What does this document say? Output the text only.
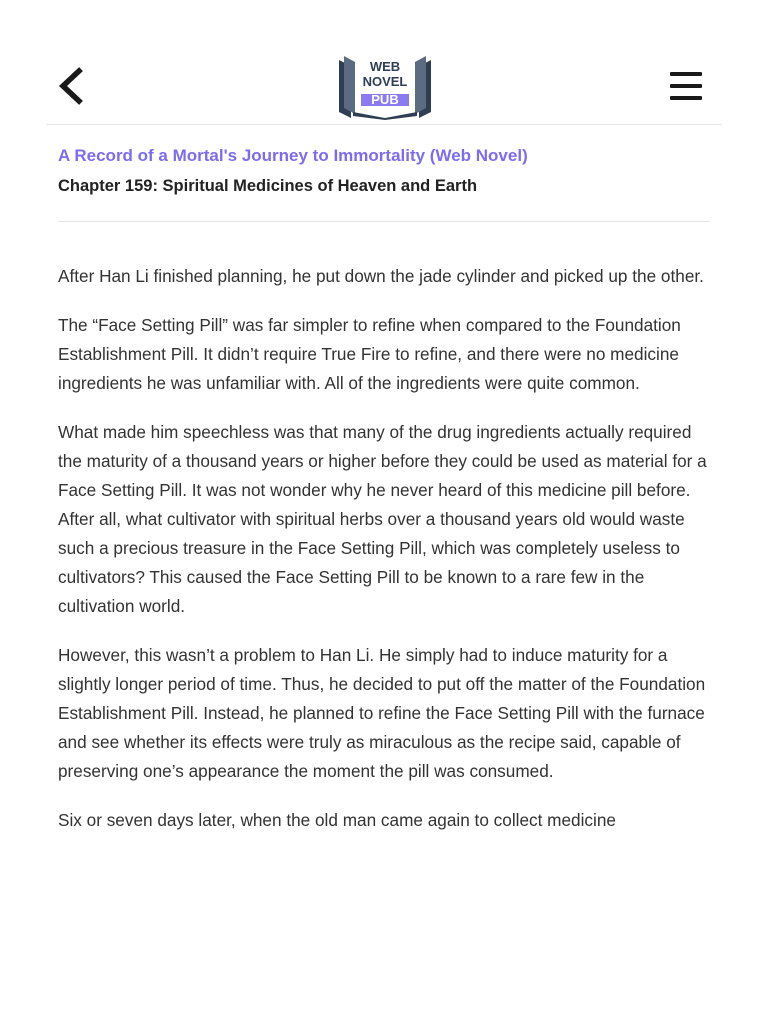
WEB
NOVEL
PUB
A Record of a Mortal's Journey to Immortality (Web Novel)
Chapter 159: Spiritual Medicines of Heaven and Earth

After Han Li finished planning, he put down the jade cylinder and picked up the other.

The “Face Setting Pill” was far simpler to refine when compared to the Foundation Establishment Pill. It didn’t require True Fire to refine, and there were no medicine ingredients he was unfamiliar with. All of the ingredients were quite common.

What made him speechless was that many of the drug ingredients actually required the maturity of a thousand years or higher before they could be used as material for a Face Setting Pill. It was not wonder why he never heard of this medicine pill before. After all, what cultivator with spiritual herbs over a thousand years old would waste such a precious treasure in the Face Setting Pill, which was completely useless to cultivators? This caused the Face Setting Pill to be known to a rare few in the cultivation world.

However, this wasn’t a problem to Han Li. He simply had to induce maturity for a slightly longer period of time. Thus, he decided to put off the matter of the Foundation Establishment Pill. Instead, he planned to refine the Face Setting Pill with the furnace and see whether its effects were truly as miraculous as the recipe said, capable of preserving one’s appearance the moment the pill was consumed.

Six or seven days later, when the old man came again to collect medicine
